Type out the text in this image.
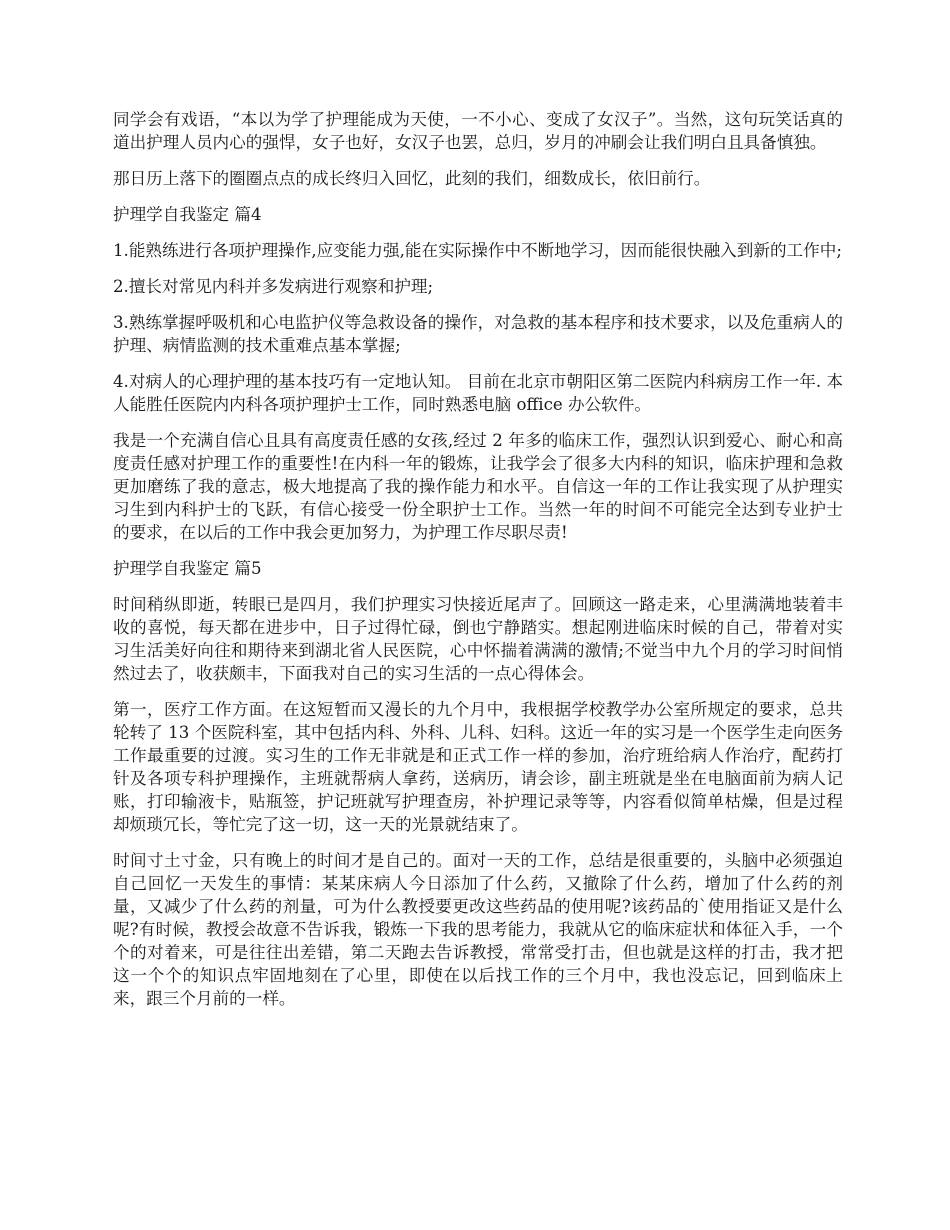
同学会有戏语，“本以为学了护理能成为天使，一不小心、变成了女汉子”。当然，这句玩笑话真的道出护理人员内心的强悍，女子也好，女汉子也罢，总归，岁月的冲刷会让我们明白且具备慎独。

那日历上落下的圈圈点点的成长终归入回忆，此刻的我们，细数成长，依旧前行。

护理学自我鉴定 篇4

1.能熟练进行各项护理操作,应变能力强,能在实际操作中不断地学习，因而能很快融入到新的工作中;

2.擅长对常见内科并多发病进行观察和护理;

3.熟练掌握呼吸机和心电监护仪等急救设备的操作，对急救的基本程序和技术要求，以及危重病人的护理、病情监测的技术重难点基本掌握;

4.对病人的心理护理的基本技巧有一定地认知。 目前在北京市朝阳区第二医院内科病房工作一年. 本人能胜任医院内内科各项护理护士工作，同时熟悉电脑 office 办公软件。

我是一个充满自信心且具有高度责任感的女孩,经过 2 年多的临床工作，强烈认识到爱心、耐心和高度责任感对护理工作的重要性!在内科一年的锻炼，让我学会了很多大内科的知识，临床护理和急救更加磨练了我的意志，极大地提高了我的操作能力和水平。自信这一年的工作让我实现了从护理实习生到内科护士的飞跃，有信心接受一份全职护士工作。当然一年的时间不可能完全达到专业护士的要求，在以后的工作中我会更加努力，为护理工作尽职尽责!

护理学自我鉴定 篇5

时间稍纵即逝，转眼已是四月，我们护理实习快接近尾声了。回顾这一路走来，心里满满地装着丰收的喜悦，每天都在进步中，日子过得忙碌，倒也宁静踏实。想起刚进临床时候的自己，带着对实习生活美好向往和期待来到湖北省人民医院，心中怀揣着满满的激情;不觉当中九个月的学习时间悄然过去了，收获颇丰，下面我对自己的实习生活的一点心得体会。

第一，医疗工作方面。在这短暂而又漫长的九个月中，我根据学校教学办公室所规定的要求，总共轮转了 13 个医院科室，其中包括内科、外科、儿科、妇科。这近一年的实习是一个医学生走向医务工作最重要的过渡。实习生的工作无非就是和正式工作一样的参加，治疗班给病人作治疗，配药打针及各项专科护理操作，主班就帮病人拿药，送病历，请会诊，副主班就是坐在电脑面前为病人记账，打印输液卡，贴瓶签，护记班就写护理查房，补护理记录等等，内容看似简单枯燥，但是过程却烦琐冗长，等忙完了这一切，这一天的光景就结束了。

时间寸土寸金，只有晚上的时间才是自己的。面对一天的工作，总结是很重要的，头脑中必须强迫自己回忆一天发生的事情：某某床病人今日添加了什么药，又撤除了什么药，增加了什么药的剂量，又减少了什么药的剂量，可为什么教授要更改这些药品的使用呢?该药品的`使用指证又是什么呢?有时候，教授会故意不告诉我，锻炼一下我的思考能力，我就从它的临床症状和体征入手，一个个的对着来，可是往往出差错，第二天跑去告诉教授，常常受打击，但也就是这样的打击，我才把这一个个的知识点牢固地刻在了心里，即使在以后找工作的三个月中，我也没忘记，回到临床上来，跟三个月前的一样。
